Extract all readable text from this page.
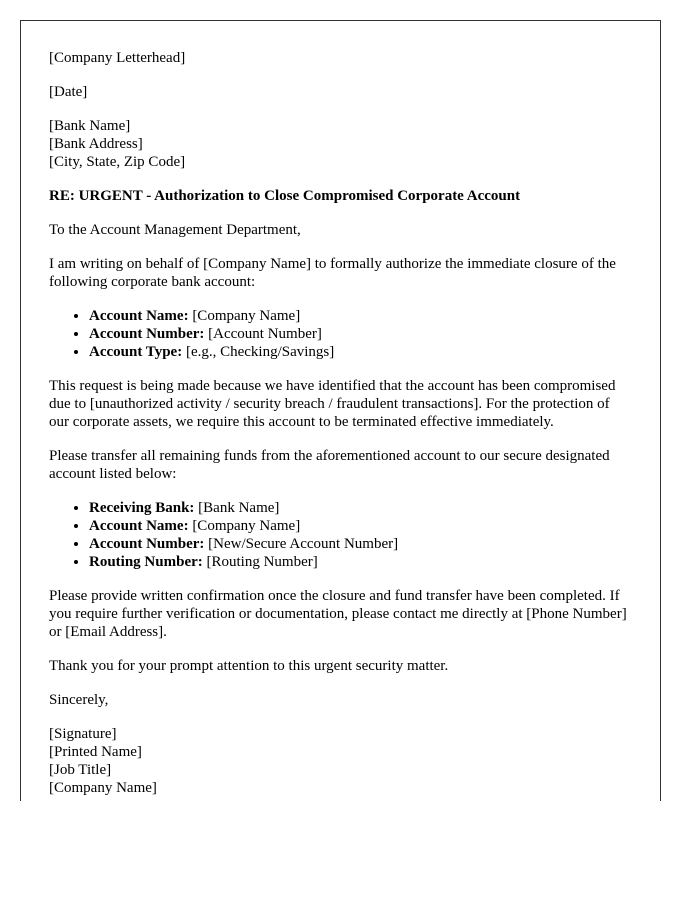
[Company Letterhead]

[Date]

[Bank Name]
[Bank Address]
[City, State, Zip Code]

RE: URGENT - Authorization to Close Compromised Corporate Account

To the Account Management Department,

I am writing on behalf of [Company Name] to formally authorize the immediate closure of the following corporate bank account:

• Account Name: [Company Name]
• Account Number: [Account Number]
• Account Type: [e.g., Checking/Savings]

This request is being made because we have identified that the account has been compromised due to [unauthorized activity / security breach / fraudulent transactions]. For the protection of our corporate assets, we require this account to be terminated effective immediately.

Please transfer all remaining funds from the aforementioned account to our secure designated account listed below:

• Receiving Bank: [Bank Name]
• Account Name: [Company Name]
• Account Number: [New/Secure Account Number]
• Routing Number: [Routing Number]

Please provide written confirmation once the closure and fund transfer have been completed. If you require further verification or documentation, please contact me directly at [Phone Number] or [Email Address].

Thank you for your prompt attention to this urgent security matter.

Sincerely,

[Signature]
[Printed Name]
[Job Title]
[Company Name]
